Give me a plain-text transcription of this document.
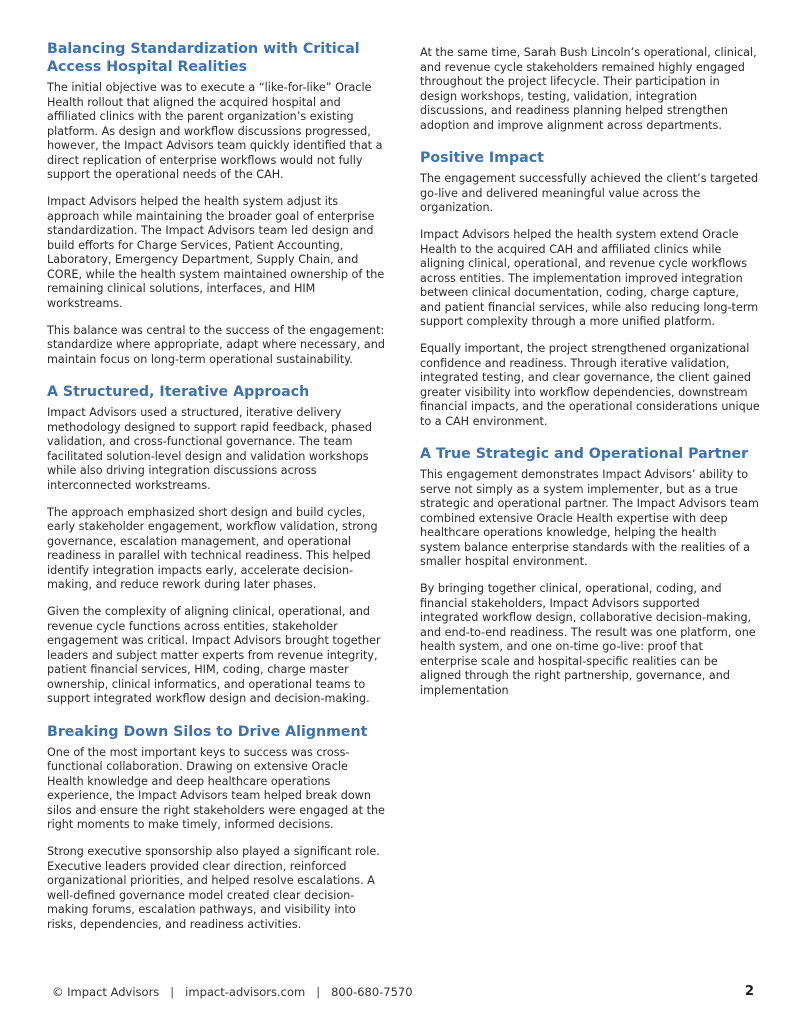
Balancing Standardization with Critical Access Hospital Realities

The initial objective was to execute a “like-for-like” Oracle Health rollout that aligned the acquired hospital and affiliated clinics with the parent organization’s existing platform. As design and workflow discussions progressed, however, the Impact Advisors team quickly identified that a direct replication of enterprise workflows would not fully support the operational needs of the CAH.

Impact Advisors helped the health system adjust its approach while maintaining the broader goal of enterprise standardization. The Impact Advisors team led design and build efforts for Charge Services, Patient Accounting, Laboratory, Emergency Department, Supply Chain, and CORE, while the health system maintained ownership of the remaining clinical solutions, interfaces, and HIM workstreams.

This balance was central to the success of the engagement: standardize where appropriate, adapt where necessary, and maintain focus on long-term operational sustainability.

A Structured, Iterative Approach

Impact Advisors used a structured, iterative delivery methodology designed to support rapid feedback, phased validation, and cross-functional governance. The team facilitated solution-level design and validation workshops while also driving integration discussions across interconnected workstreams.

The approach emphasized short design and build cycles, early stakeholder engagement, workflow validation, strong governance, escalation management, and operational readiness in parallel with technical readiness. This helped identify integration impacts early, accelerate decision-making, and reduce rework during later phases.

Given the complexity of aligning clinical, operational, and revenue cycle functions across entities, stakeholder engagement was critical. Impact Advisors brought together leaders and subject matter experts from revenue integrity, patient financial services, HIM, coding, charge master ownership, clinical informatics, and operational teams to support integrated workflow design and decision-making.

Breaking Down Silos to Drive Alignment

One of the most important keys to success was cross-functional collaboration. Drawing on extensive Oracle Health knowledge and deep healthcare operations experience, the Impact Advisors team helped break down silos and ensure the right stakeholders were engaged at the right moments to make timely, informed decisions.

Strong executive sponsorship also played a significant role. Executive leaders provided clear direction, reinforced organizational priorities, and helped resolve escalations. A well-defined governance model created clear decision-making forums, escalation pathways, and visibility into risks, dependencies, and readiness activities.

At the same time, Sarah Bush Lincoln’s operational, clinical, and revenue cycle stakeholders remained highly engaged throughout the project lifecycle. Their participation in design workshops, testing, validation, integration discussions, and readiness planning helped strengthen adoption and improve alignment across departments.

Positive Impact

The engagement successfully achieved the client’s targeted go-live and delivered meaningful value across the organization.

Impact Advisors helped the health system extend Oracle Health to the acquired CAH and affiliated clinics while aligning clinical, operational, and revenue cycle workflows across entities. The implementation improved integration between clinical documentation, coding, charge capture, and patient financial services, while also reducing long-term support complexity through a more unified platform.

Equally important, the project strengthened organizational confidence and readiness. Through iterative validation, integrated testing, and clear governance, the client gained greater visibility into workflow dependencies, downstream financial impacts, and the operational considerations unique to a CAH environment.

A True Strategic and Operational Partner

This engagement demonstrates Impact Advisors’ ability to serve not simply as a system implementer, but as a true strategic and operational partner. The Impact Advisors team combined extensive Oracle Health expertise with deep healthcare operations knowledge, helping the health system balance enterprise standards with the realities of a smaller hospital environment.

By bringing together clinical, operational, coding, and financial stakeholders, Impact Advisors supported integrated workflow design, collaborative decision-making, and end-to-end readiness. The result was one platform, one health system, and one on-time go-live: proof that enterprise scale and hospital-specific realities can be aligned through the right partnership, governance, and implementation

© Impact Advisors | impact-advisors.com | 800-680-7570	2
